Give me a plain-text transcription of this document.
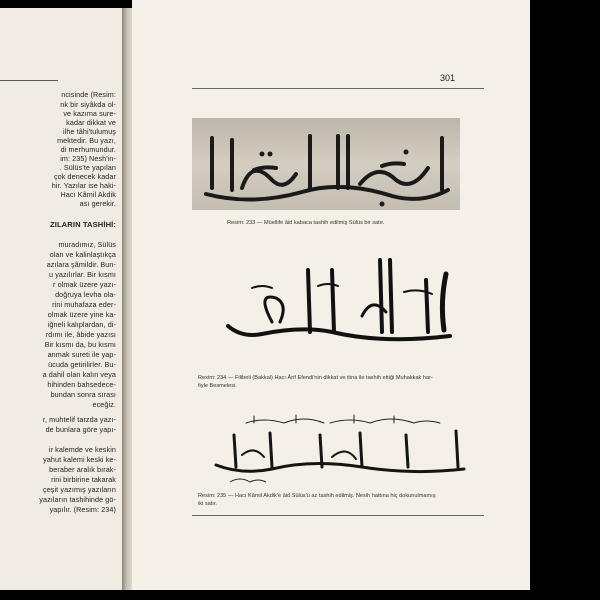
ncisinde (Resim:
nk bir siyâkda ol-
ve kazıma sure-
kadar dikkat ve
ilhe tâhi'tulumuş
mektedir. Bu yazı,
di merhumundur.
im: 235) Nesh'in-
. Sülüs'te yapılan
çok denecek kadar
hir. Yazılar ise haki-
Hacı Kâmil Akdik
ası gerekir.
ZILARIN TASHİHİ:
muradımız, Sülüs
olan ve kalinlaştıkça
azılara şâmildir. Bun-
u yazılırlar. Bir kısmı
r olmak üzere yazı-
doğruya levha ola-
rini muhafaza eder-
olmak üzere yine ka-
iğneli kalıplardan, di-
rdımı ile, âbide yazısı
Bir kısmı da, bu kısmı
anmak sureti ile yap-
ücuda getirilirler. Bu-
a dahil olan kalın veya
hihinden bahsedece-
bundan sonra sırası
eceğiz.
r, muhtelif tarzda yazı-
de bunlara göre yapı-
ir kalemde ve keskin
yahut kalemi keski ke-
beraber aralık bırak-
rini birbirine takarak
çeşit yazımış yazıların
yazıların tashihinde gö-
yapılır. (Resim: 234)
301
Resim: 233 — Müellife âid kabaca tashih edilmiş Sülüs bir satır.
Resim: 234 — Filibeli (Bakkal) Hacı Ârif Efendi'nin dikkat ve itina ile tashih ettiği Muhakkak har-
fiyle Besmelesi.
Resim: 235 — Hacı Kâmil Akdik'e âid Sülüs'ü az tashih edilmiş. Nesih hattına hiç dokunulmamış
iki satır.
